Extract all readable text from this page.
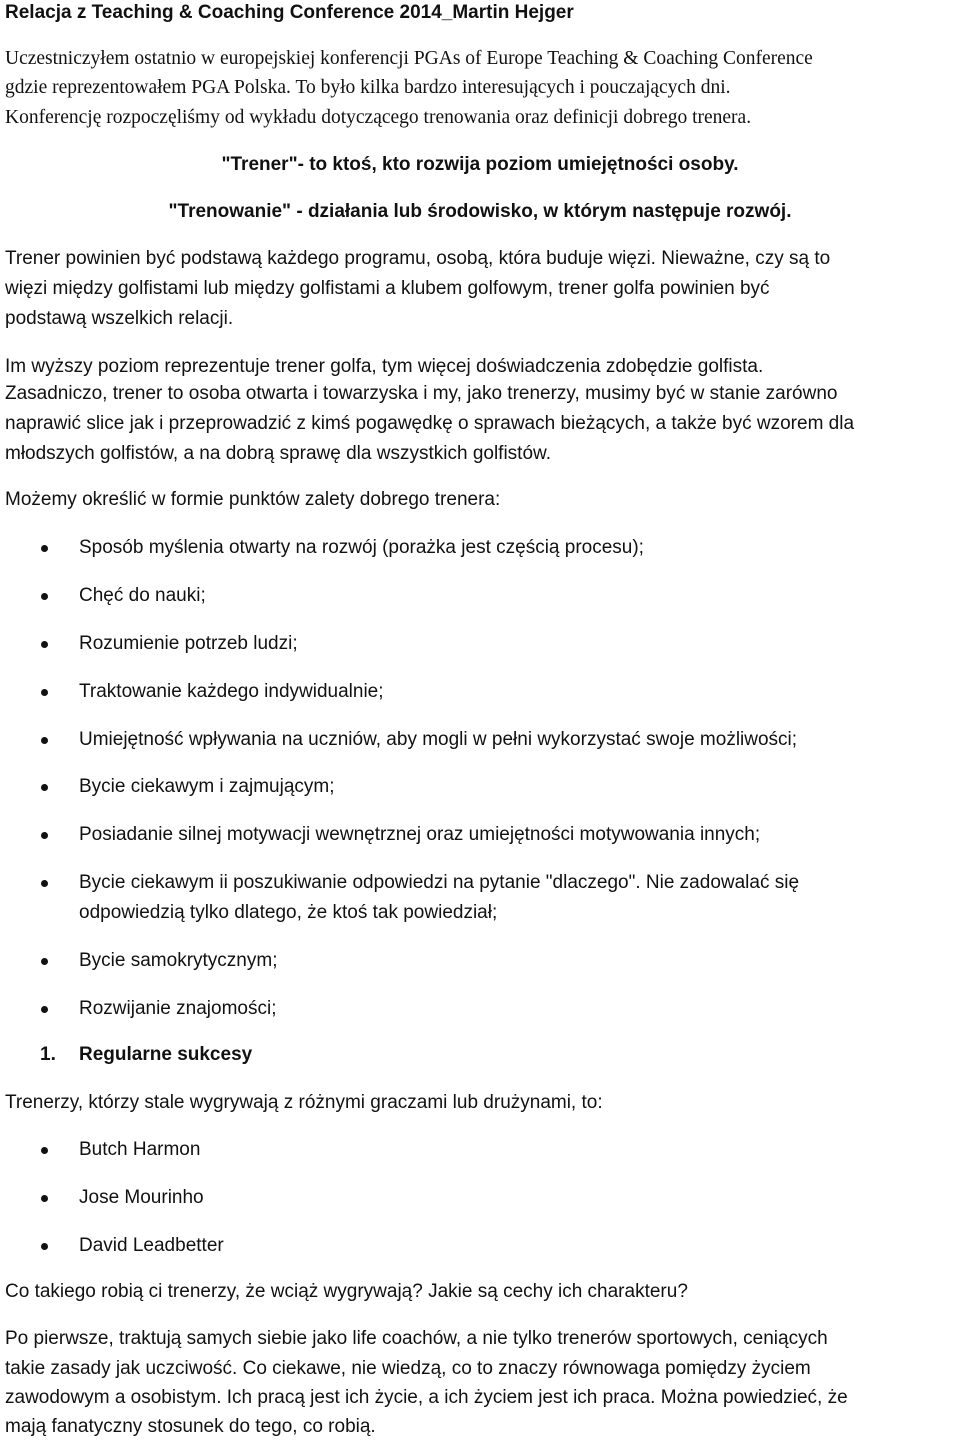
Relacja z Teaching & Coaching Conference 2014_Martin Hejger
Uczestniczyłem ostatnio w europejskiej konferencji PGAs of Europe Teaching & Coaching Conference
gdzie reprezentowałem PGA Polska. To było kilka bardzo interesujących i pouczających dni.
Konferencję rozpoczęliśmy od wykładu dotyczącego trenowania oraz definicji dobrego trenera.
"Trener"- to ktoś, kto rozwija poziom umiejętności osoby.
"Trenowanie" - działania lub środowisko, w którym następuje rozwój.
Trener powinien być podstawą każdego programu, osobą, która buduje więzi. Nieważne, czy są to
więzi między golfistami lub między golfistami a klubem golfowym, trener golfa powinien być
podstawą wszelkich relacji.
Im wyższy poziom reprezentuje trener golfa, tym więcej doświadczenia zdobędzie golfista.
Zasadniczo, trener to osoba otwarta i towarzyska i my, jako trenerzy, musimy być w stanie zarówno
naprawić slice jak i przeprowadzić z kimś pogawędkę o sprawach bieżących, a także być wzorem dla
młodszych golfistów, a na dobrą sprawę dla wszystkich golfistów.
Możemy określić w formie punktów zalety dobrego trenera:
Sposób myślenia otwarty na rozwój (porażka jest częścią procesu);
Chęć do nauki;
Rozumienie potrzeb ludzi;
Traktowanie każdego indywidualnie;
Umiejętność wpływania na uczniów, aby mogli w pełni wykorzystać swoje możliwości;
Bycie ciekawym i zajmującym;
Posiadanie silnej motywacji wewnętrznej oraz umiejętności motywowania innych;
Bycie ciekawym ii poszukiwanie odpowiedzi na pytanie "dlaczego". Nie zadowalać się
odpowiedzią tylko dlatego, że ktoś tak powiedział;
Bycie samokrytycznym;
Rozwijanie znajomości;
1. Regularne sukcesy
Trenerzy, którzy stale wygrywają z różnymi graczami lub drużynami, to:
Butch Harmon
Jose Mourinho
David Leadbetter
Co takiego robią ci trenerzy, że wciąż wygrywają? Jakie są cechy ich charakteru?
Po pierwsze, traktują samych siebie jako life coachów, a nie tylko trenerów sportowych, ceniących
takie zasady jak uczciwość. Co ciekawe, nie wiedzą, co to znaczy równowaga pomiędzy życiem
zawodowym a osobistym. Ich pracą jest ich życie, a ich życiem jest ich praca. Można powiedzieć, że
mają fanatyczny stosunek do tego, co robią.
